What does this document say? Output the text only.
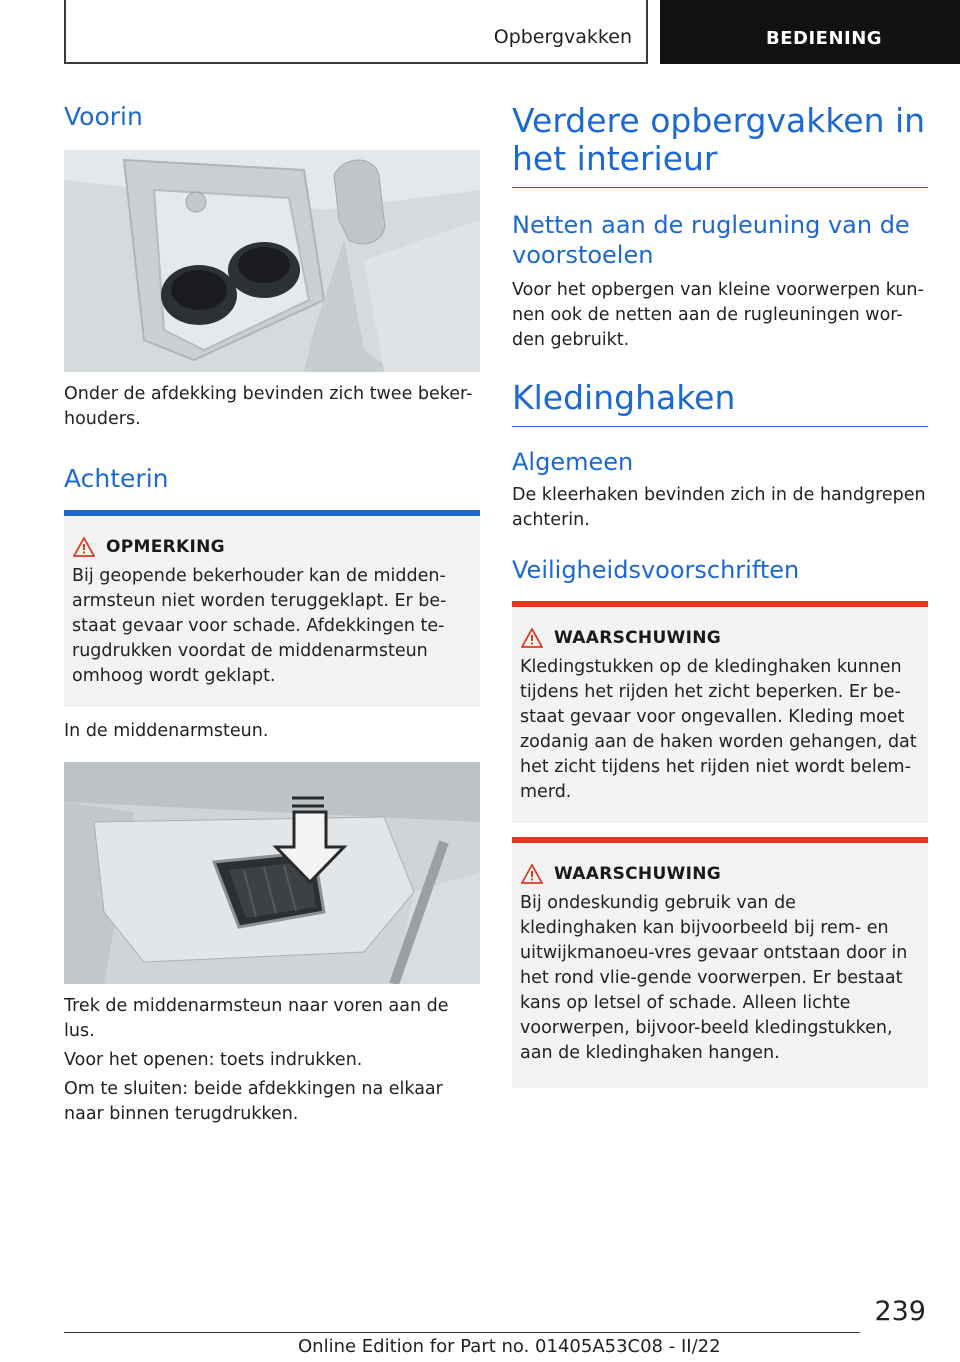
Opbergvakken	BEDIENING
Voorin

Onder de afdekking bevinden zich twee beker-houders.

Achterin
OPMERKING

Bij geopende bekerhouder kan de midden-armsteun niet worden teruggeklapt. Er be-staat gevaar voor schade. Afdekkingen te-rugdrukken voordat de middenarmsteun omhoog wordt geklapt.

In de middenarmsteun.

Trek de middenarmsteun naar voren aan de lus.

Voor het openen: toets indrukken.

Om te sluiten: beide afdekkingen na elkaar naar binnen terugdrukken.

Verdere opbergvakken in het interieur
Netten aan de rugleuning van de voorstoelen

Voor het opbergen van kleine voorwerpen kun-nen ook de netten aan de rugleuningen wor-den gebruikt.

Kledinghaken
Algemeen

De kleerhaken bevinden zich in de handgrepen achterin.

Veiligheidsvoorschriften
WAARSCHUWING

Kledingstukken op de kledinghaken kunnen tijdens het rijden het zicht beperken. Er be-staat gevaar voor ongevallen. Kleding moet zodanig aan de haken worden gehangen, dat het zicht tijdens het rijden niet wordt belem-merd.

WAARSCHUWING

Bij ondeskundig gebruik van de kledinghaken kan bijvoorbeeld bij rem- en uitwijkmanoeu-vres gevaar ontstaan door in het rond vlie-gende voorwerpen. Er bestaat kans op letsel of schade. Alleen lichte voorwerpen, bijvoor-beeld kledingstukken, aan de kledinghaken hangen.

239
Online Edition for Part no. 01405A53C08 - II/22
